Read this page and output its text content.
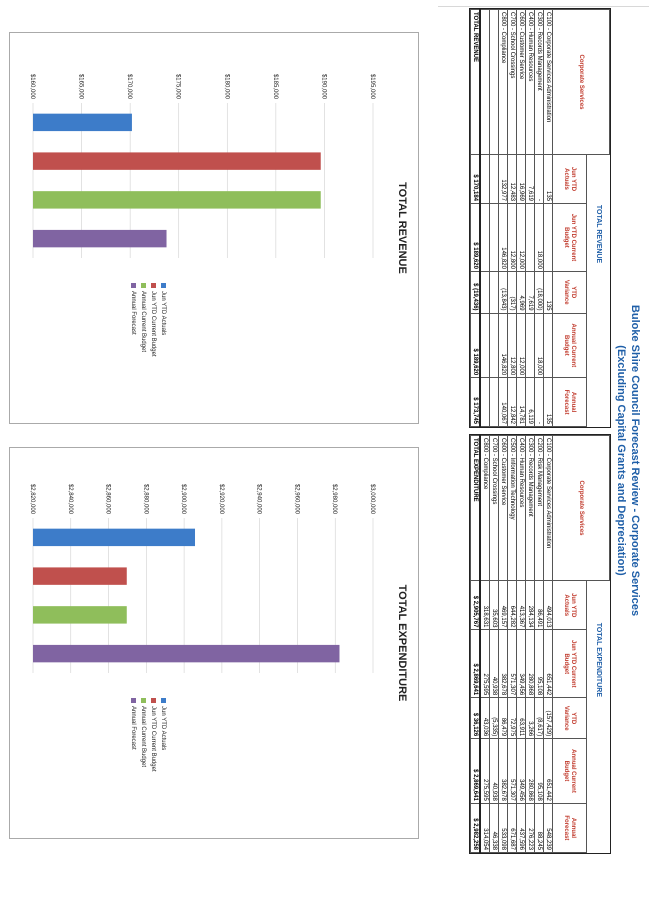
Buloke Shire Council Forecast Review - Corporate Services
(Excluding Capital Grants and Depreciation)
Corporate Services	TOTAL REVENUE				
	Jun YTD Actuals	Jun YTD Current Budget	YTD Variance	Annual Current Budget	Annual Forecast
C100 - Corporate Services Administration	135		135		135
C300 - Records Management	-	18,000	(18,000)	18,000	-
C400 - Human Resources	7,619		7,619		6,119
C600 - Customer Service	16,969	12,000	4,969	12,000	14,781
C700 - School Crossings	12,483	12,800	(317)	12,800	12,842
C800 - Compliance	132,977	146,820	(13,843)	146,820	140,067

TOTAL REVENUE	$ 170,184	$ 189,620	$ (19,436)	$ 189,620	$ 173,745
Corporate Services	TOTAL EXPENDITURE				
	Jun YTD Actuals	Jun YTD Current Budget	YTD Variance	Annual Current Budget	Annual Forecast
C100 - Corporate Services Administration	494,013	651,442	(157,429)	651,442	548,239
C200 - Risk Management	86,491	95,108	(8,617)	95,108	88,245
C300 - Records Management	284,134	280,868	3,266	280,868	276,223
C400 - Human Resources	413,367	349,456	63,911	349,456	437,596
C500 - Information Technology	644,282	571,307	72,975	571,307	671,687
C600 - Customer Service	469,157	382,678	86,479	382,678	533,098
C700 - School Crossings	35,603	40,938	(5,335)	40,938	46,338
C800 - Compliance	318,631	275,595	43,036	275,595	314,054
TOTAL EXPENDITURE	$ 2,905,767	$ 2,869,641	$ 36,126	$ 2,869,641	$ 2,982,258
TOTAL REVENUE
$160,000	$165,000	$170,000	$175,000	$180,000	$185,000	$190,000	$195,000
Jun YTD Actuals
Jun YTD Current Budget
Annual Current Budget
Annual Forecast
TOTAL EXPENDITURE
$2,820,000	$2,840,000	$2,860,000	$2,880,000	$2,900,000	$2,920,000	$2,940,000	$2,960,000	$2,980,000	$3,000,000
Jun YTD Actuals
Jun YTD Current Budget
Annual Current Budget
Annual Forecast
